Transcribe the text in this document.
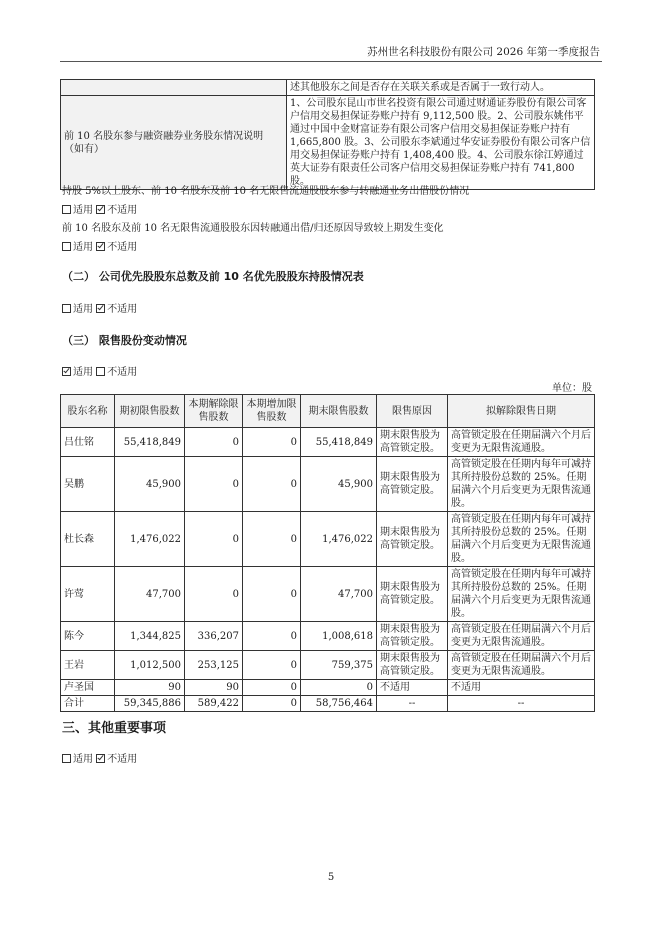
苏州世名科技股份有限公司 2026 年第一季度报告
	述其他股东之间是否存在关联关系或是否属于一致行动人。
前 10 名股东参与融资融券业务股东情况说明（如有）	1、公司股东昆山市世名投资有限公司通过财通证券股份有限公司客户信用交易担保证券账户持有 9,112,500 股。2、公司股东姚伟平通过中国中金财富证券有限公司客户信用交易担保证券账户持有 1,665,800 股。3、公司股东李斌通过华安证券股份有限公司客户信用交易担保证券账户持有 1,408,400 股。4、公司股东徐江婷通过英大证券有限责任公司客户信用交易担保证券账户持有 741,800 股。
持股 5%以上股东、前 10 名股东及前 10 名无限售流通股股东参与转融通业务出借股份情况
适用 不适用
前 10 名股东及前 10 名无限售流通股股东因转融通出借/归还原因导致较上期发生变化
适用 不适用
（二） 公司优先股股东总数及前 10 名优先股股东持股情况表
适用 不适用
（三） 限售股份变动情况
适用 不适用
单位：股
股东名称	期初限售股数	本期解除限售股数	本期增加限售股数	期末限售股数	限售原因	拟解除限售日期
吕仕铭	55,418,849	0	0	55,418,849	期末限售股为高管锁定股。	高管锁定股在任期届满六个月后变更为无限售流通股。
吴鹏	45,900	0	0	45,900	期末限售股为高管锁定股。	高管锁定股在任期内每年可减持其所持股份总数的 25%。任期届满六个月后变更为无限售流通股。
杜长森	1,476,022	0	0	1,476,022	期末限售股为高管锁定股。	高管锁定股在任期内每年可减持其所持股份总数的 25%。任期届满六个月后变更为无限售流通股。
许莺	47,700	0	0	47,700	期末限售股为高管锁定股。	高管锁定股在任期内每年可减持其所持股份总数的 25%。任期届满六个月后变更为无限售流通股。
陈今	1,344,825	336,207	0	1,008,618	期末限售股为高管锁定股。	高管锁定股在任期届满六个月后变更为无限售流通股。
王岩	1,012,500	253,125	0	759,375	期末限售股为高管锁定股。	高管锁定股在任期届满六个月后变更为无限售流通股。
卢圣国	90	90	0	0	不适用	不适用
合计	59,345,886	589,422	0	58,756,464	--	--
三、其他重要事项
适用 不适用
5
